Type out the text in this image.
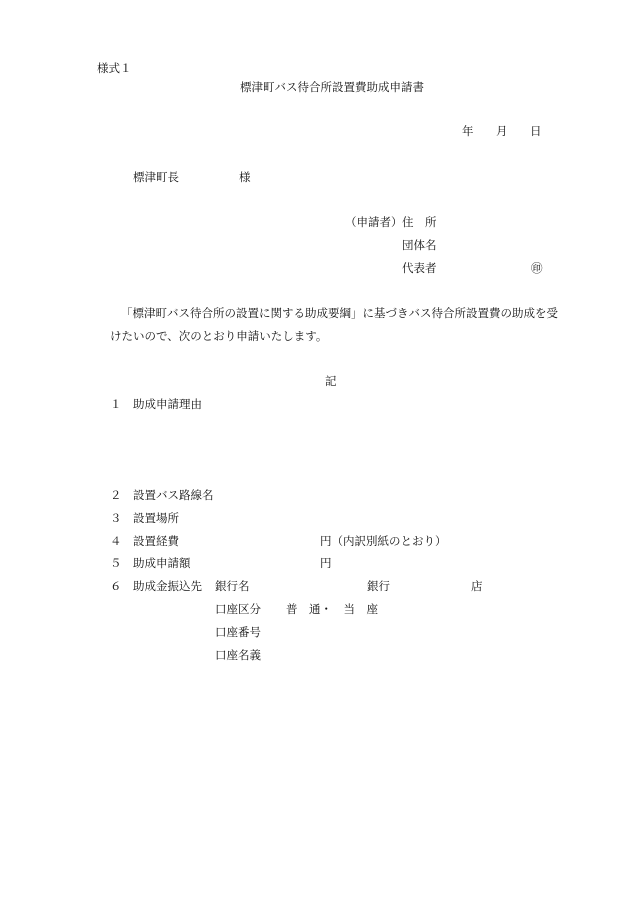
様式１
標津町バス待合所設置費助成申請書
年 月 日
標津町長	様
（申請者） 住　所
団体名
代表者	㊞
「標津町バス待合所の設置に関する助成要綱」に基づきバス待合所設置費の助成を受
けたいので、次のとおり申請いたします。
記
１ 助成申請理由
２ 設置バス路線名
３ 設置場所
４ 設置経費	円（内訳別紙のとおり）
５ 助成申請額	円
６ 助成金振込先 銀行名	銀行	店
口座区分 普　通・　当　座
口座番号
口座名義
